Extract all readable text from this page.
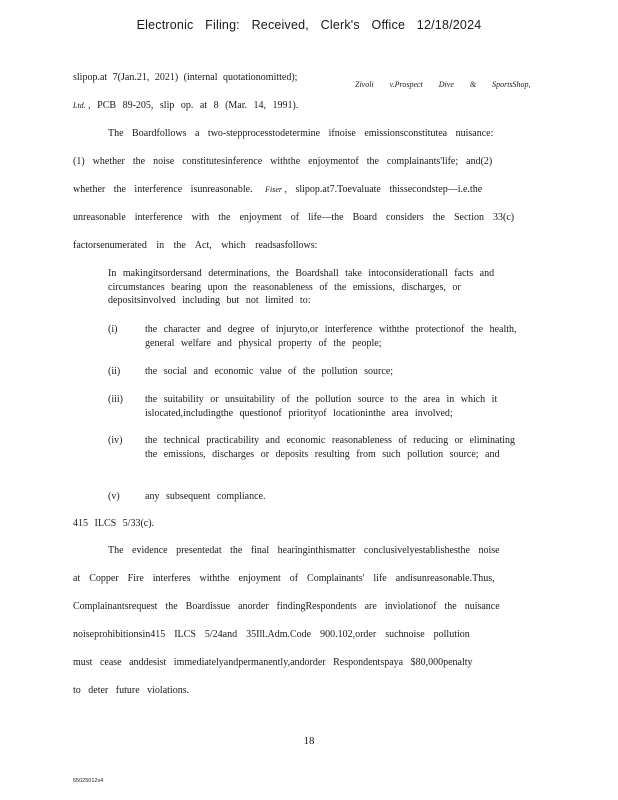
Electronic Filing: Received, Clerk's Office 12/18/2024
slipop.at 7(Jan.21, 2021) (internal quotationomitted);
Zivoli v.Prospect Dive & SportsShop,
Ltd. , PCB 89-205, slip op. at 8 (Mar. 14, 1991).
The Boardfollows a two-stepprocesstodetermine ifnoise emissionsconstitutea nuisance:
(1) whether the noise constitutesinference withthe enjoymentof the complainants'life; and(2)
whether the interference isunreasonable. Fiser , slipop.at7.Toevaluate thissecondstep—i.e.the
unreasonable interference with the enjoyment of life—the Board considers the Section 33(c)
factorsenumerated in the Act, which readsasfollows:
In makingitsordersand determinations, the Boardshall take intoconsiderationall facts and circumstances bearing upon the reasonableness of the emissions, discharges, or depositsinvolved including but not limited to:
(i)	the character and degree of injuryto,or interference withthe protectionof the health, general welfare and physical property of the people;
(ii) the social and economic value of the pollution source;
(iii) the suitability or unsuitability of the pollution source to the area in which it islocated,includingthe questionof priorityof locationinthe area involved;
(iv) the technical practicability and economic reasonableness of reducing or eliminating the emissions, discharges or deposits resulting from such pollution source; and
(v)	any subsequent compliance.
415 ILCS 5/33(c).
The evidence presentedat the final hearinginthismatter conclusivelyestablishesthe noise
at Copper Fire interferes withthe enjoyment of Complainants' life andisunreasonable.Thus,
Complainantsrequest the Boardissue anorder findingRespondents are inviolationof the nuisance
noiseprohibitionsin415 ILCS 5/24and 35Ill.Adm.Code 900.102,order suchnoise pollution
must cease anddesist immediatelyandpermanently,andorder Respondentspaya $80,000penalty
to deter future violations.
18
65025012v4
